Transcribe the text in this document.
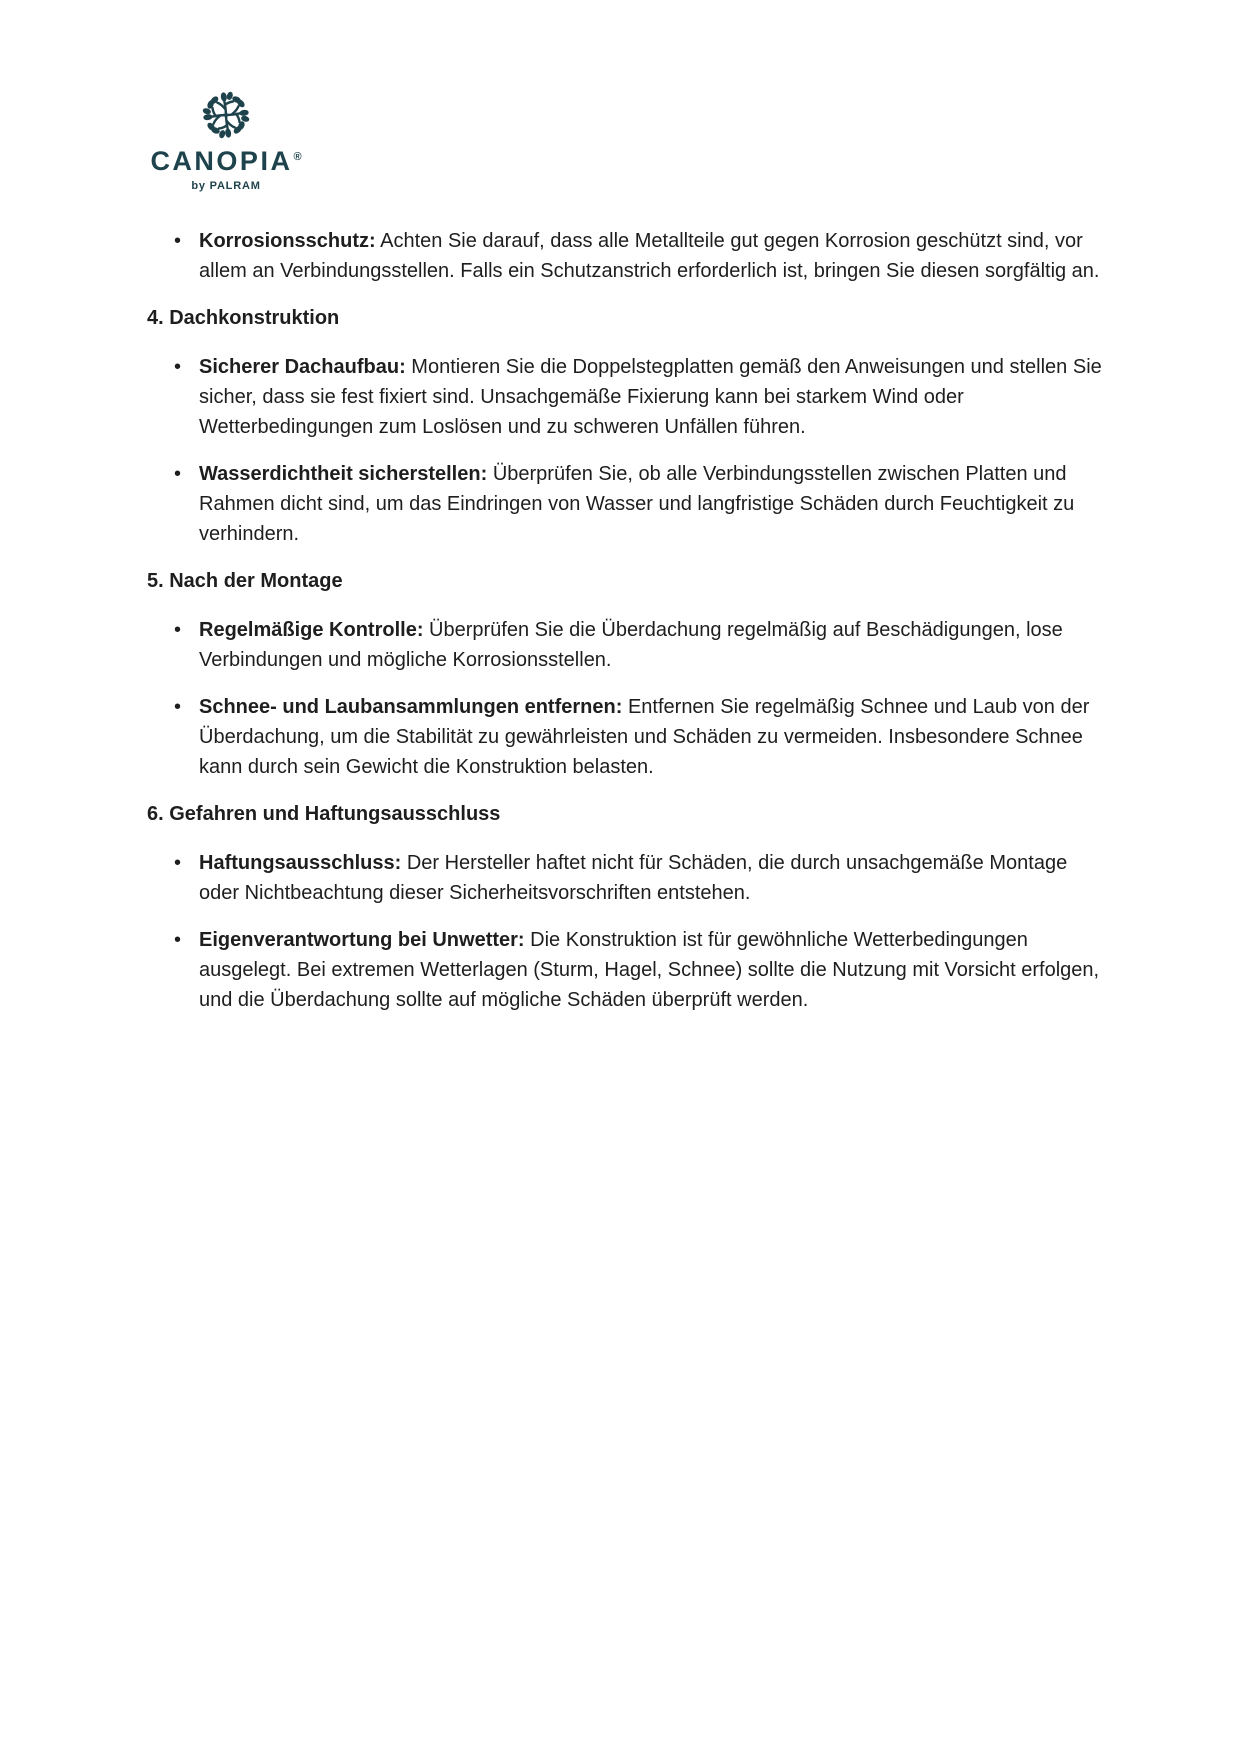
CANOPIA®
by PALRAM
• Korrosionsschutz: Achten Sie darauf, dass alle Metallteile gut gegen Korrosion geschützt sind, vor allem an Verbindungsstellen. Falls ein Schutzanstrich erforderlich ist, bringen Sie diesen sorgfältig an.

4. Dachkonstruktion
• Sicherer Dachaufbau: Montieren Sie die Doppelstegplatten gemäß den Anweisungen und stellen Sie sicher, dass sie fest fixiert sind. Unsachgemäße Fixierung kann bei starkem Wind oder Wetterbedingungen zum Loslösen und zu schweren Unfällen führen.

• Wasserdichtheit sicherstellen: Überprüfen Sie, ob alle Verbindungsstellen zwischen Platten und Rahmen dicht sind, um das Eindringen von Wasser und langfristige Schäden durch Feuchtigkeit zu verhindern.

5. Nach der Montage
• Regelmäßige Kontrolle: Überprüfen Sie die Überdachung regelmäßig auf Beschädigungen, lose Verbindungen und mögliche Korrosionsstellen.

• Schnee- und Laubansammlungen entfernen: Entfernen Sie regelmäßig Schnee und Laub von der Überdachung, um die Stabilität zu gewährleisten und Schäden zu vermeiden. Insbesondere Schnee kann durch sein Gewicht die Konstruktion belasten.

6. Gefahren und Haftungsausschluss
• Haftungsausschluss: Der Hersteller haftet nicht für Schäden, die durch unsachgemäße Montage oder Nichtbeachtung dieser Sicherheitsvorschriften entstehen.

• Eigenverantwortung bei Unwetter: Die Konstruktion ist für gewöhnliche Wetterbedingungen ausgelegt. Bei extremen Wetterlagen (Sturm, Hagel, Schnee) sollte die Nutzung mit Vorsicht erfolgen, und die Überdachung sollte auf mögliche Schäden überprüft werden.
